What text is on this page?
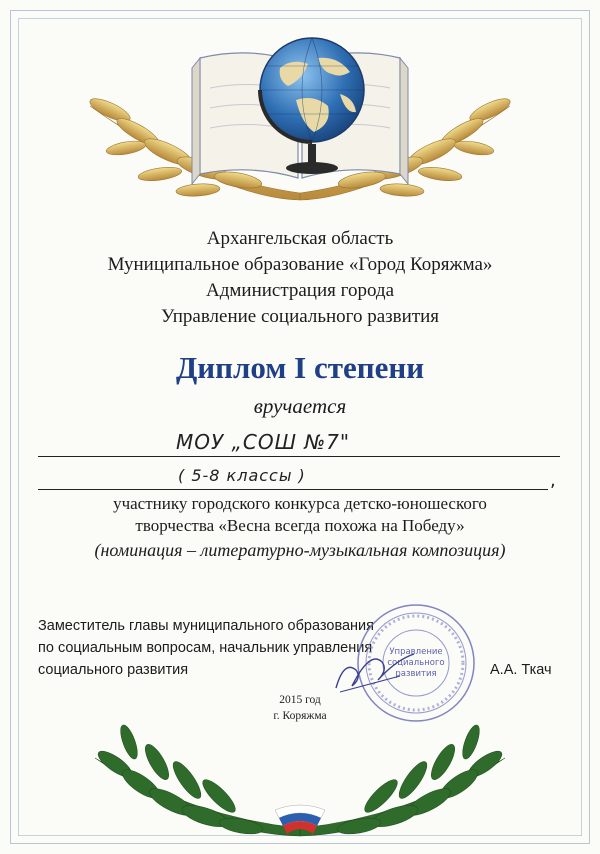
Архангельская область
Муниципальное образование «Город Коряжма»
Администрация города
Управление социального развития
Диплом I степени
вручается
МОУ „СОШ №7"
( 5-8 классы )	,
участнику городского конкурса детско-юношеского
творчества «Весна всегда похожа на Победу»
(номинация – литературно-музыкальная композиция)
Заместитель главы муниципального образования
по социальным вопросам, начальник управления
социального развития	А.А. Ткач
Управление
социального
развития
2015 год
г. Коряжма
